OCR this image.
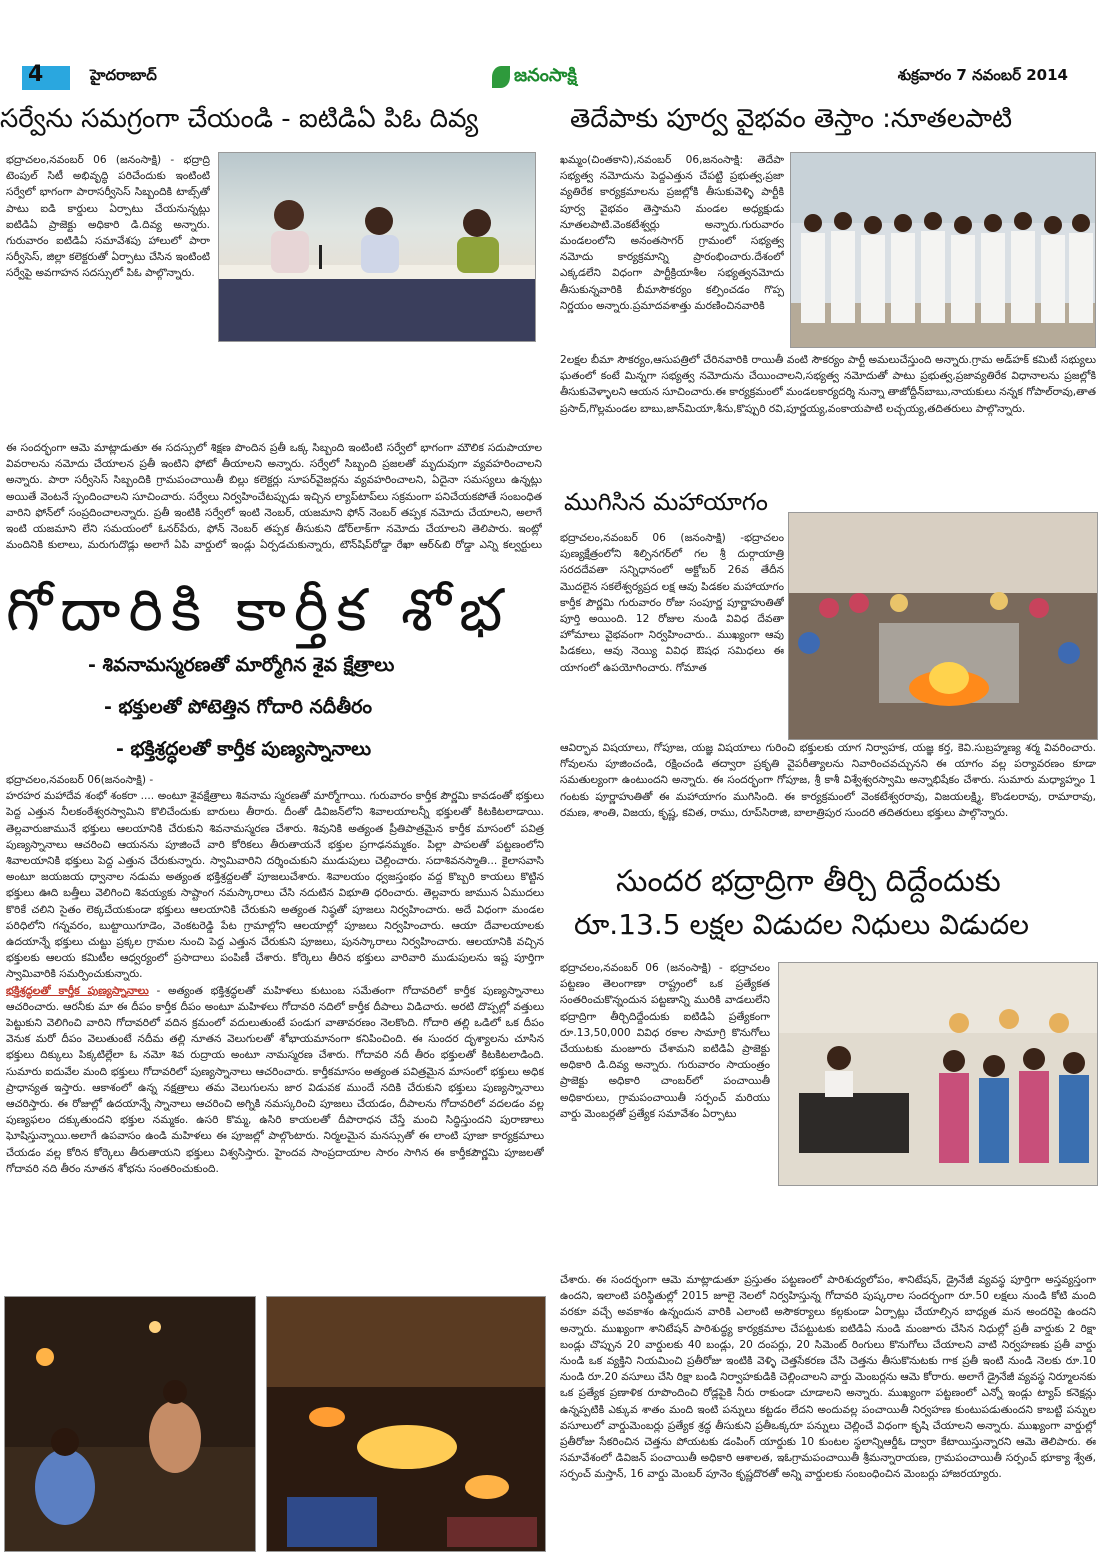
4	హైదరాబాద్	జనంసాక్షి	శుక్రవారం 7 నవంబర్ 2014
సర్వేను సమగ్రంగా చేయండి - ఐటిడిఏ పిఓ దివ్య

భద్రాచలం,నవంబర్ 06 (జనంసాక్షి) - భద్రాద్రి టెంపుల్ సిటీ అభివృద్ధి పరిచేందుకు ఇంటింటి సర్వేలో భాగంగా పారాసర్వీసెస్ సిబ్బందికి టాబ్స్‌తో పాటు ఐడి కార్డులు ఏర్పాటు చేయనున్నట్లు ఐటిడిఏ ప్రాజెక్టు అధికారి డి.దివ్య అన్నారు. గురువారం ఐటిడిఏ సమావేశపు హాలులో పారా సర్వీసెస్, జిల్లా కలెక్టరుతో ఏర్పాటు చేసిన ఇంటింటి సర్వేపై అవగాహన సదస్సులో పిఓ పాల్గొన్నారు.

ఈ సందర్భంగా ఆమె మాట్లాడుతూ ఈ సదస్సులో శిక్షణ పొందిన ప్రతీ ఒక్క సిబ్బంది ఇంటింటి సర్వేలో భాగంగా మౌలిక సదుపాయాల వివరాలను నమోదు చేయాలన ప్రతీ ఇంటిని ఫోటో తీయాలని అన్నారు. సర్వేలో సిబ్బంది ప్రజలతో మృదువుగా వ్యవహరించాలని అన్నారు. పారా సర్వీసెస్ సిబ్బందికి గ్రామపంచాయితీ బిల్లు కలెక్టర్లు సూపర్‌వైజర్లను వ్యవహరించాలని, ఏదైనా సమస్యలు ఉన్నట్లు అయితే వెంటనే స్పందించాలని సూచించారు. సర్వేలు నిర్వహించేటప్పుడు ఇచ్చిన ల్యాప్‌టాప్‌లు సక్రమంగా పనిచేయకపోతే సంబంధిత వారిని ఫోన్‌లో సంప్రదించాలన్నారు. ప్రతీ ఇంటికి సర్వేలో ఇంటి నెంబర్, యజమాని ఫోన్ నెంబర్ తప్పక నమోదు చేయాలని, అలాగే ఇంటి యజమాని లేని సమయంలో ఓనర్‌పేరు, ఫోన్ నెంబర్ తప్పక తీసుకుని డోర్‌లాక్‌గా నమోదు చేయాలని తెలిపారు. ఇంట్లో మందినికి కులాలు, మరుగుదొడ్లు అలాగే ఏపి వార్డులో ఇండ్లు ఏర్పడచుకున్నారు, టౌన్‌షిప్‌రోడ్డా రేఖా ఆర్&బి రోడ్డా ఎన్ని కల్వర్టులు
గోదారికి కార్తీక శోభ
- శివనామస్మరణతో మార్మోగిన శైవ క్షేత్రాలు
- భక్తులతో పోటెత్తిన గోదారి నదీతీరం
- భక్తిశ్రద్ధలతో కార్తీక పుణ్యస్నానాలు

భద్రాచలం,నవంబర్ 06(జనంసాక్షి) -

హరహర మహాదేవ శంభో శంకరా .... అంటూ శైవక్షేత్రాలు శివనామ స్మరణతో మార్మోగాయి. గురువారం కార్తీక పౌర్ణమి కావడంతో భక్తులు పెద్ద ఎత్తున నీలకంఠేశ్వరస్వామిని కొలిచేందుకు బారులు తీరారు. దీంతో డివిజన్‌లోని శివాలయాలన్నీ భక్తులతో కిటకిటలాడాయి. తెల్లవారుజామునే భక్తులు ఆలయానికి చేరుకుని శివనామస్మరణ చేశారు. శివునికి అత్యంత ప్రీతిపాత్రమైన కార్తీక మాసంలో పవిత్ర పుణ్యస్నానాలు ఆచరించి ఆయనను పూజించే వారి కోరికలు తీరుతాయనే భక్తుల ప్రగాఢనమ్మకం. పిల్లా పాపలతో పట్టణంలోని శివాలయానికి భక్తులు పెద్ద ఎత్తున చేరుకున్నారు. స్వామివారిని దర్శించుకుని ముడుపులు చెల్లించారు. సదాశివనస్మాతి... కైలాసవాసి అంటూ జయజయ ధ్వానాల నడుమ అత్యంత భక్తిశ్రద్దలతో పూజలుచేశారు. శివాలయం ధ్వజస్తంభం వద్ద కొబ్బరి కాయలు కొట్టిన భక్తులు ఊది బత్తీలు వెలిగించి శివయ్యకు సాష్టాంగ నమస్కారాలు చేసి నదుటిన విభూతి ధరించారు. తెల్లవారు జామున ఏముదలు కొరికే చలిని సైతం లెక్కచేయకుండా భక్తులు ఆలయానికి చేరుకుని అత్యంత నిష్ఠతో పూజలు నిర్వహించారు. అదే విధంగా మండల పరిధిలోని గన్నవరం, బుట్టాయిగూడెం, వెంకటరెడ్డి పేట గ్రామాల్లోని ఆలయాల్లో పూజలు నిర్వహించారు. ఆయా దేవాలయాలకు ఉదయాన్నే భక్తులు చుట్టు ప్రక్కల గ్రామల నుంచి పెద్ద ఎత్తున చేరుకుని పూజలు, పునస్కారాలు నిర్వహించారు. ఆలయానికి వచ్చిన భక్తులకు ఆలయ కమిటీల ఆధ్వర్యంలో ప్రసాదాలు పంపిణీ చేశారు. కోర్కెలు తీరిన భక్తులు వారివారి ముడుపులను ఇష్ట పూర్తిగా స్వామివారికి సమర్పించుకున్నారు.

భక్తిశ్రద్ధలతో కార్తీక పుణ్యస్నానాలు - అత్యంత భక్తిశ్రద్ధలతో మహిళలు కుటుంబ సమేతంగా గోదావరిలో కార్తీక పుణ్యస్నానాలు ఆచరించారు. ఆరనీకు మా ఈ దీపం కార్తీక దీపం అంటూ మహిళలు గోదావరి నదిలో కార్తీక దీపాలు విడిచారు. అరటి దొప్పల్లో వత్తులు పెట్టుకుని వెలిగించి వారిని గోదావరిలో వదిన క్రమంలో వదులుతుంటే పండుగ వాతావరణం నెలకొంది. గోదారి తల్లి ఒడిలో ఒక దీపం వెనుక మరో దీపం వెలుతుంటే నదీమ తల్లి నూతన వెలుగులతో శోభాయమానంగా కనిపించింది. ఈ సుందర దృశ్యాలను చూసిన భక్తులు దిక్కులు పిక్కటిల్లేలా ఓ నమో శివ రుద్రాయ అంటూ నామస్మరణ చేశారు. గోదావరి నదీ తీరం భక్తులతో కిటకిటలాడింది. సుమారు ఐదువేల మంది భక్తులు గోదావరిలో పుణ్యస్నానాలు ఆచరించారు. కార్తీకమాసం అత్యంత పవిత్రమైన మాసంలో భక్తులు అధిక ప్రాధాన్యత ఇస్తారు. ఆకాశంలో ఉన్న నక్షత్రాలు తమ వెలుగులను జార విడువక ముందే నదికి చేరుకుని భక్తులు పుణ్యస్నానాలు ఆచరిస్తారు. ఈ రోజుల్లో ఉదయాన్నే స్నానాలు ఆచరించి అగ్నికి నమస్కరించి పూజలు చేయడం, దీపాలను గోదావరిలో వదలడం వల్ల పుణ్యఫలం దక్కుతుందని భక్తుల నమ్మకం. ఉసరి కొమ్మ, ఉసిరి కాయలతో దీపారాధన చేస్తే మంచి సిద్ధిస్తుందని పురాణాలు ఘోషిస్తున్నాయి.అలాగే ఉపవాసం ఉండి మహిళలు ఈ పూజల్లో పాల్గొంటారు. నిర్మలమైన మనస్సుతో ఈ లాంటి పూజా కార్యక్రమాలు చేయడం వల్ల కోరిన కోర్కెలు తీరుతాయని భక్తులు విశ్వసిస్తారు. హైందవ సాంప్రదాయాల సారం సాగిన ఈ కార్తీకపౌర్ణమి పూజలతో గోదావరి నది తీరం నూతన శోభను సంతరించుకుంది.

తెదేపాకు పూర్వ వైభవం తెస్తాం :నూతలపాటి

ఖమ్మం(చింతకాని),నవంబర్ 06,జనంసాక్షి: తెదేపా సభ్యత్వ నమోదును పెద్దఎత్తున చేపట్టి ప్రభుత్వ,ప్రజా వ్యతిరేక కార్యక్రమాలను ప్రజల్లోకి తీసుకువెళ్ళి పార్టీకి పూర్వ వైభవం తెస్తామని మండల అధ్యక్షుడు నూతలపాటి.వెంకటేశ్వర్లు అన్నారు.గురువారం మండలంలోని అనంతసాగర్ గ్రామంలో సభ్యత్వ నమోదు కార్యక్రమాన్ని ప్రారంభించారు.దేశంలో ఎక్కడలేని విధంగా పార్టీక్రియాశీల సభ్యత్వనమోదు తీసుకున్నవారికి బీమాసౌకర్యం కల్పించడం గొప్ప నిర్ణయం అన్నారు.ప్రమాదవశాత్తు మరణించినవారికి

2లక్షల బీమా సౌకర్యం,ఆసుపత్రిలో చేరినవారికి రాయితీ వంటి సౌకర్యం పార్టీ అమలుచేస్తుంది అన్నారు.గ్రామ అడ్‌హక్ కమిటీ సభ్యులు ఘతంలో కంటే మిన్నగా సభ్యత్వ నమోదును చేయించాలని,సభ్యత్వ నమోదుతో పాటు ప్రభుత్వ,ప్రజావ్యతిరేక విధానాలను ప్రజల్లోకి తీసుకువెళ్ళాలని ఆయన సూచించారు.ఈ కార్యక్రమంలో మండలకార్యదర్శి నున్నా తాజోద్దీన్‌బాబు,నాయకులు నన్నక గోపాల్‌రావు,తాత ప్రసాద్,గొల్లమండల బాబు,జాన్‌మియా,శీను,కొప్పురి రవి,పూర్ణయ్య,వంకాయపాటి లచ్చయ్య,తదితరులు పాల్గొన్నారు.
ముగిసిన మహాయాగం

భద్రాచలం,నవంబర్ 06 (జనంసాక్షి) -భద్రాచలం పుణ్యక్షేత్రంలోని శిల్పినగర్‌లో గల శ్రీ దుర్గాయాత్రి సరదదేవతా సన్నిధానంలో అక్టోబర్ 26వ తేదీన మొదలైన సకలేశ్వర్యప్రద లక్ష ఆవు పిడకల మహాయాగం కార్తీక పౌర్ణమి గురువారం రోజు సంపూర్ణ పూర్ణాహుతితో పూర్తి అయింది. 12 రోజుల నుండి వివిధ దేవతా హోమాలు వైభవంగా నిర్వహించారు.. ముఖ్యంగా ఆవు పిడకలు, ఆవు నెయ్యి వివిధ ఔషధ సమిధలు ఈ యాగంలో ఉపయోగించారు. గోమాత

ఆవిర్భావ విషయాలు, గోపూజ, యజ్ఞ విషయాలు గురించి భక్తులకు యాగ నిర్వాహక, యజ్ఞ కర్త, కెవి.సుబ్రహ్మణ్య శర్మ వివరించారు. గోవులను పూజించండి, రక్షించండి తద్వారా ప్రకృతి వైపరీత్యాలను నివారించవచ్చునని ఈ యాగం వల్ల పర్యావరణం కూడా సమతుల్యంగా ఉంటుందని అన్నారు. ఈ సందర్భంగా గోపూజ, శ్రీ కాశీ విశ్వేశ్వరస్వామి అన్నాభిషేకం చేశారు. సుమారు మధ్యాహ్నం 1 గంటకు పూర్ణాహుతితో ఈ మహాయాగం ముగిసింది. ఈ కార్యక్రమంలో వెంకటేశ్వరరావు, విజయలక్ష్మి, కొండలరావు, రామారావు, రమణ, శాంతి, విజయ, కృష్ణ, కవిత, రాము, రూప్‌సిరాజి, బాలాత్రిపుర సుందరి తదితరులు భక్తులు పాల్గొన్నారు.
సుందర భద్రాద్రిగా తీర్చి దిద్దేందుకు
రూ.13.5 లక్షల విడుదల నిధులు విడుదల

భద్రాచలం,నవంబర్ 06 (జనంసాక్షి) - భద్రాచలం పట్టణం తెలంగాణా రాష్ట్రంలో ఒక ప్రత్యేకత సంతరించుకొన్నందున పట్టణాన్ని మురికి వాడలులేని భద్రాద్రిగా తీర్చిదిద్దేందుకు ఐటిడిఏ ప్రత్యేకంగా రూ.13,50,000 వివిధ రకాల సామాగ్రి కొనుగోలు చేయుటకు మంజూరు చేశామని ఐటిడిఏ ప్రాజెక్టు అధికారి డి.దివ్య అన్నారు. గురువారం సాయంత్రం ప్రాజెక్టు అధికారి చాంబర్‌లో పంచాయితీ అధికారులు, గ్రామపంచాయితీ సర్పంచ్ మరియు వార్డు మెంబర్లతో ప్రత్యేక సమావేశం ఏర్పాటు

చేశారు. ఈ సందర్భంగా ఆమె మాట్లాడుతూ ప్రస్తుతం పట్టణంలో పారిశుద్యలోపం, శానిటేషన్, డ్రైనేజీ వ్యవస్థ పూర్తిగా అస్తవ్యస్తంగా ఉందని, ఇలాంటి పరిస్థితుల్లో 2015 జూలై నెలలో నిర్వహిస్తున్న గోదావరి పుష్కరాల సందర్భంగా రూ.50 లక్షలు నుండి కోటి మంది వరకూ వచ్చే అవకాశం ఉన్నందున వారికి ఎలాంటి అసౌకర్యాలు కల్గకుండా ఏర్పాట్లు చేయాల్సిన బాధ్యత మన అందరిపై ఉందని అన్నారు. ముఖ్యంగా శానిటేషన్ పారిశుద్ధ్య కార్యక్రమాల చేపట్టుటకు ఐటిడిఏ నుండి మంజూరు చేసిన నిధుల్లో ప్రతీ వార్డుకు 2 రిక్షా బండ్లు చొప్పున 20 వార్డులకు 40 బండ్లు, 20 దంపర్లు, 20 సిమెంట్ రింగులు కొనుగోలు చేయాలని వాటి నిర్వహణకు ప్రతీ వార్డు నుండి ఒక వ్యక్తిని నియమించి ప్రతీరోజు ఇంటికి వెళ్ళి చెత్తసేకరణ చేసి చెత్తను తీసుకొనుటకు గాక ప్రతీ ఇంటి నుండి నెలకు రూ.10 నుండి రూ.20 వసూలు చేసి రిక్షా బండి నిర్వాహకుడికి చెల్లించాలని వార్డు మెంబర్లను ఆమె కోరారు. అలాగే డ్రైనేజీ వ్యవస్థ నిర్మూలనకు ఒక ప్రత్యేక ప్రణాళిక రూపొందించి రోడ్లపైకి నీరు రాకుండా చూడాలని అన్నారు. ముఖ్యంగా పట్టణంలో ఎన్నో ఇండ్లు ట్యాప్ కనెక్షన్లు ఉన్నప్పటికి ఎక్కువ శాతం మంది ఇంటి పన్నులు కట్టడం లేదని అందువల్ల పంచాయితీ నిర్వహణ కుంటుపడుతుందని కాబట్టి పన్నుల వసూలులో వార్డుమెంబర్లు ప్రత్యేక శ్రద్ధ తీసుకుని ప్రతీఒక్కరూ పన్నులు చెల్లించే విధంగా కృషి చేయాలని అన్నారు. ముఖ్యంగా వార్డుల్లో ప్రతీరోజు సేకరించిన చెత్తను పోయటకు డంపింగ్ యార్డుకు 10 కుంటల స్థలాన్నిఆర్డీఓ ద్వారా కేటాయిస్తున్నారని ఆమె తెలిపారు. ఈ సమావేశంలో డివిజన్ పంచాయితీ అధికారి ఆశాలత, ఇఓగ్రామపంచాయితీ శ్రీమన్నారాయణ, గ్రామపంచాయితీ సర్పంచ్ భూక్యా శ్వేత, సర్పంచ్ మస్తాన్, 16 వార్డు మెంబర్ పూనెం కృష్ణదొరతో అన్ని వార్డులకు సంబంధించిన మెంబర్లు హాజరయ్యారు.
